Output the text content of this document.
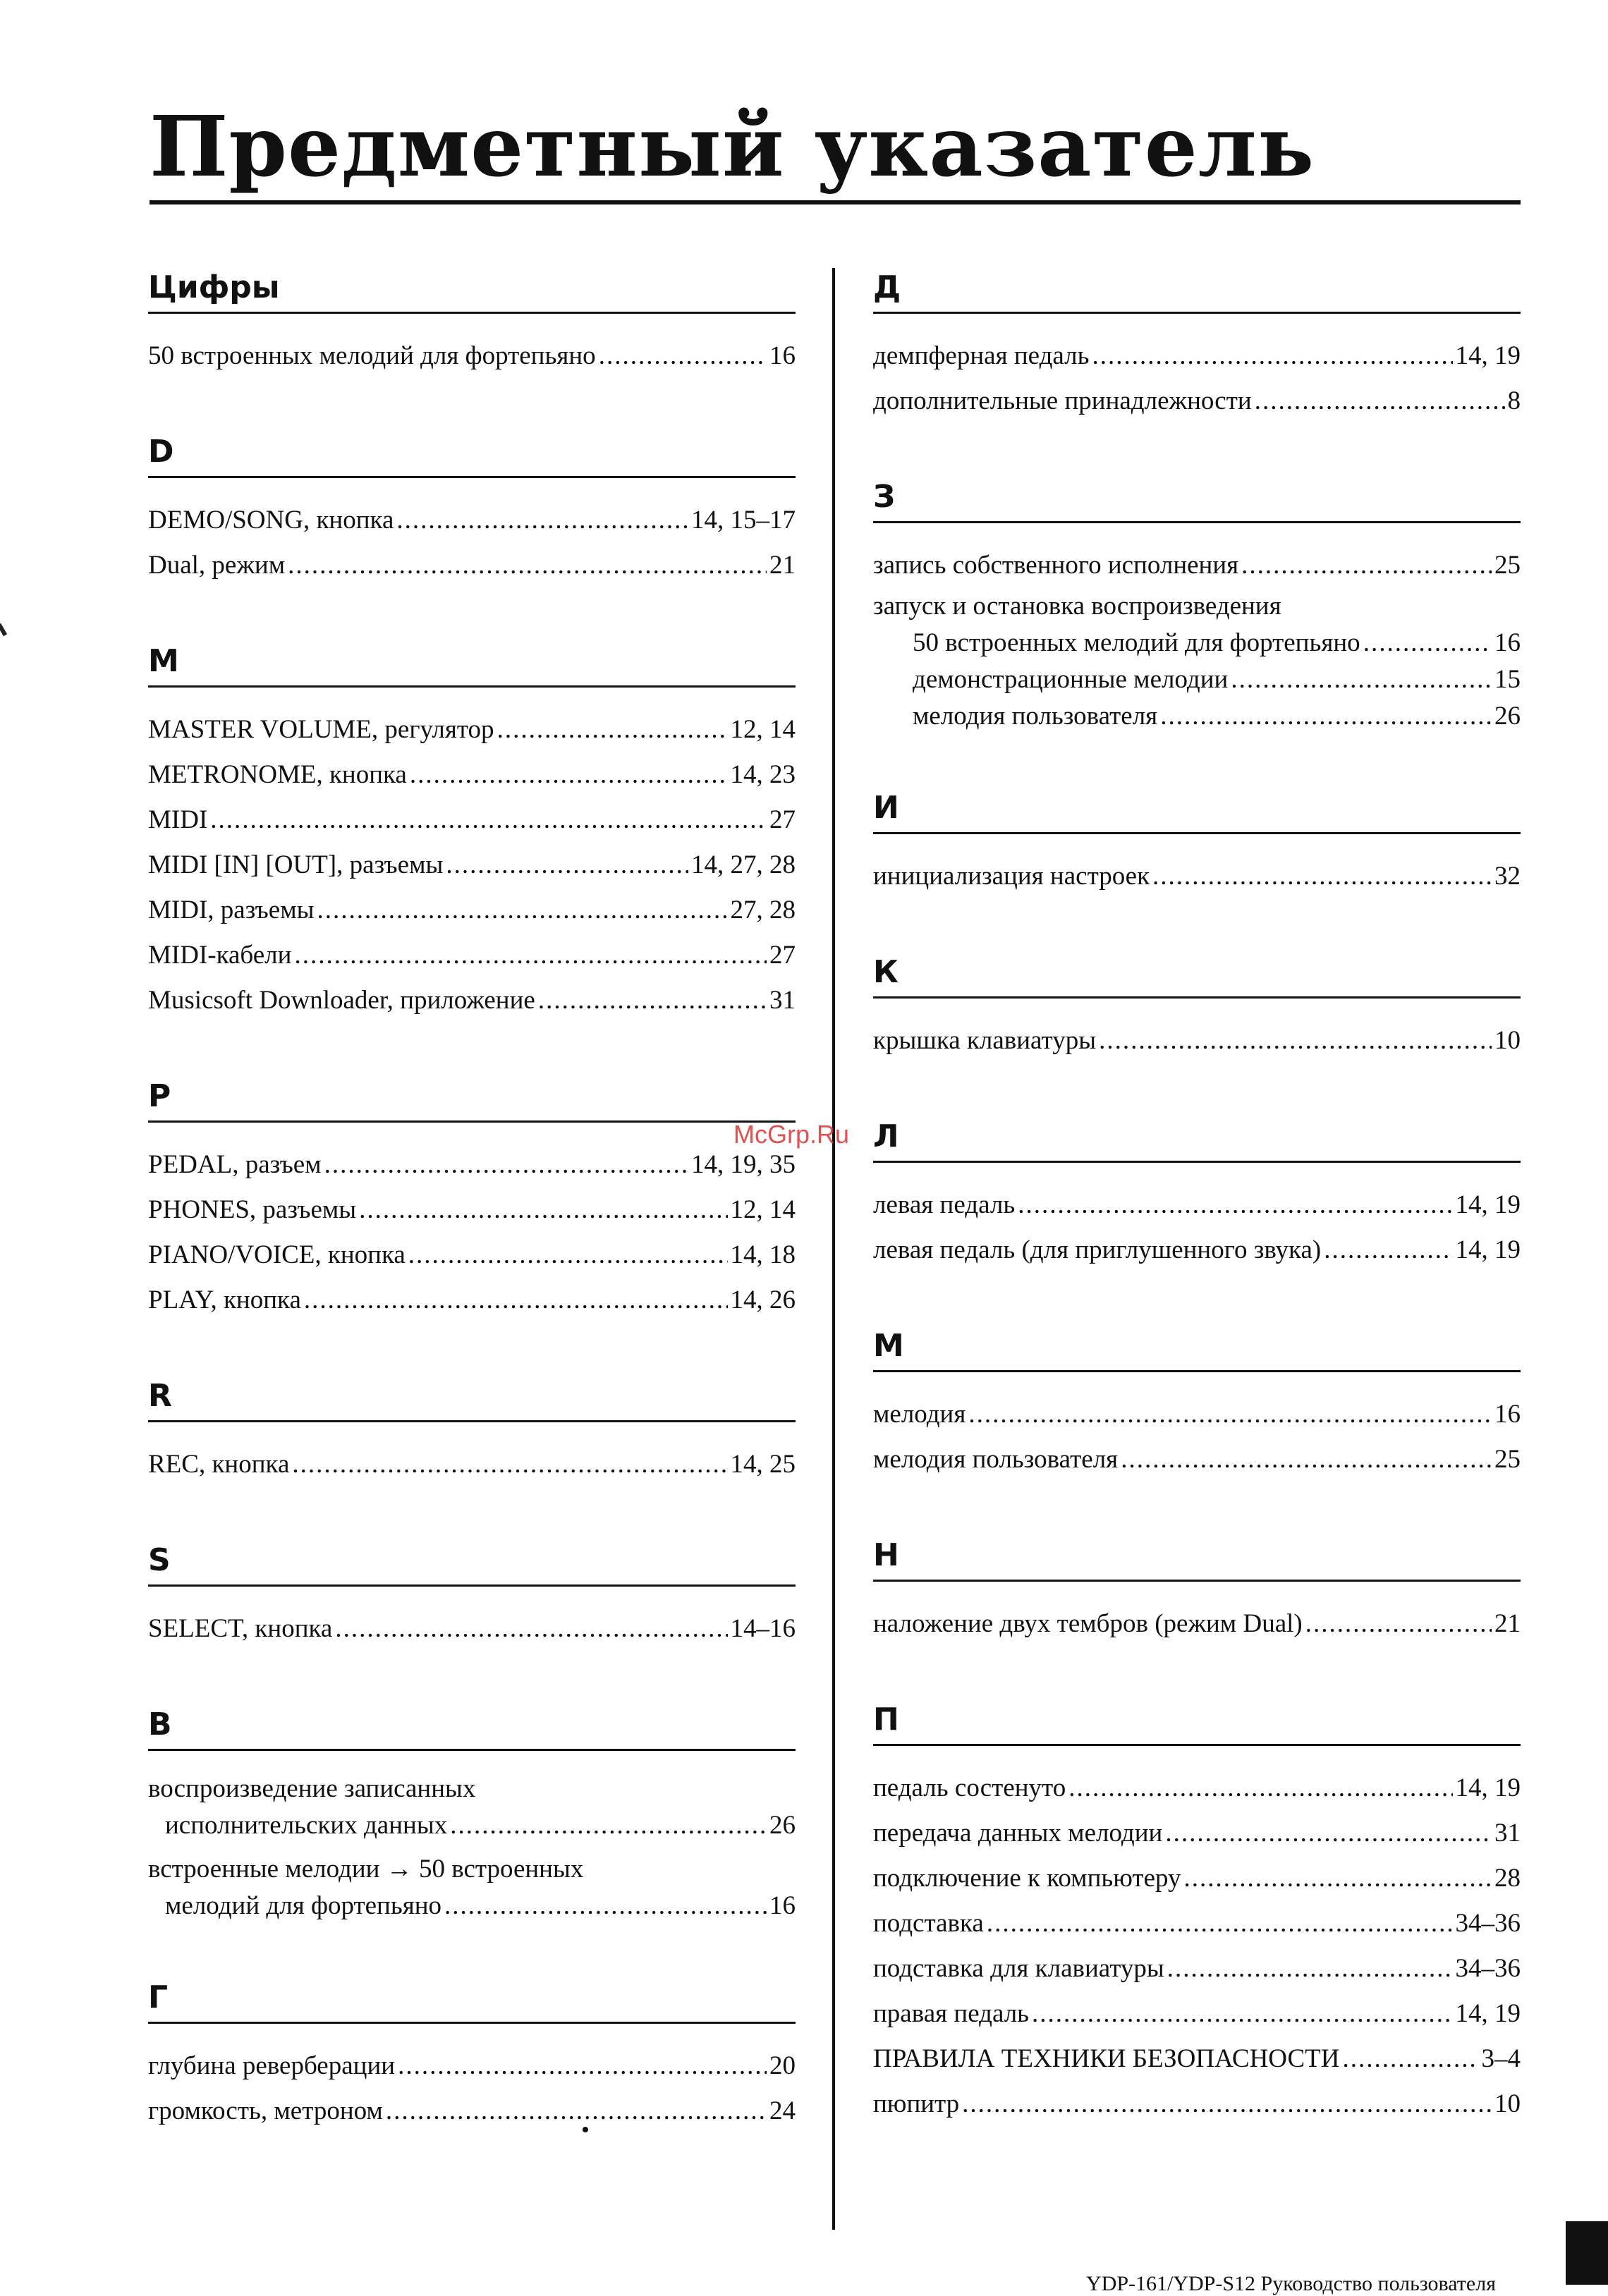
Предметный указатель
Цифры
50 встроенных мелодий для фортепьяно .....	16
D
DEMO/SONG, кнопка .....	14, 15–17
Dual, режим .....	21
M
MASTER VOLUME, регулятор .....	12, 14
METRONOME, кнопка .....	14, 23
MIDI .....	27
MIDI [IN] [OUT], разъемы .....	14, 27, 28
MIDI, разъемы .....	27, 28
MIDI-кабели .....	27
Musicsoft Downloader, приложение .....	31
P
PEDAL, разъем .....	14, 19, 35
PHONES, разъемы .....	12, 14
PIANO/VOICE, кнопка .....	14, 18
PLAY, кнопка .....	14, 26
R
REC, кнопка .....	14, 25
S
SELECT, кнопка .....	14–16
В
воспроизведение записанных
исполнительских данных .....	26
встроенные мелодии → 50 встроенных
мелодий для фортепьяно .....	16
Г
глубина реверберации .....	20
громкость, метроном .....	24
Д
демпферная педаль .....	14, 19
дополнительные принадлежности .....	8
З
запись собственного исполнения .....	25
запуск и остановка воспроизведения
50 встроенных мелодий для фортепьяно .....	16
демонстрационные мелодии .....	15
мелодия пользователя .....	26
И
инициализация настроек .....	32
К
крышка клавиатуры .....	10
Л
левая педаль .....	14, 19
левая педаль (для приглушенного звука) .....	14, 19
М
мелодия .....	16
мелодия пользователя .....	25
Н
наложение двух тембров (режим Dual) .....	21
П
педаль состенуто .....	14, 19
передача данных мелодии .....	31
подключение к компьютеру .....	28
подставка .....	34–36
подставка для клавиатуры .....	34–36
правая педаль .....	14, 19
ПРАВИЛА ТЕХНИКИ БЕЗОПАСНОСТИ .....	3–4
пюпитр .....	10
McGrp.Ru
YDP-161/YDP-S12 Руководство пользователя
